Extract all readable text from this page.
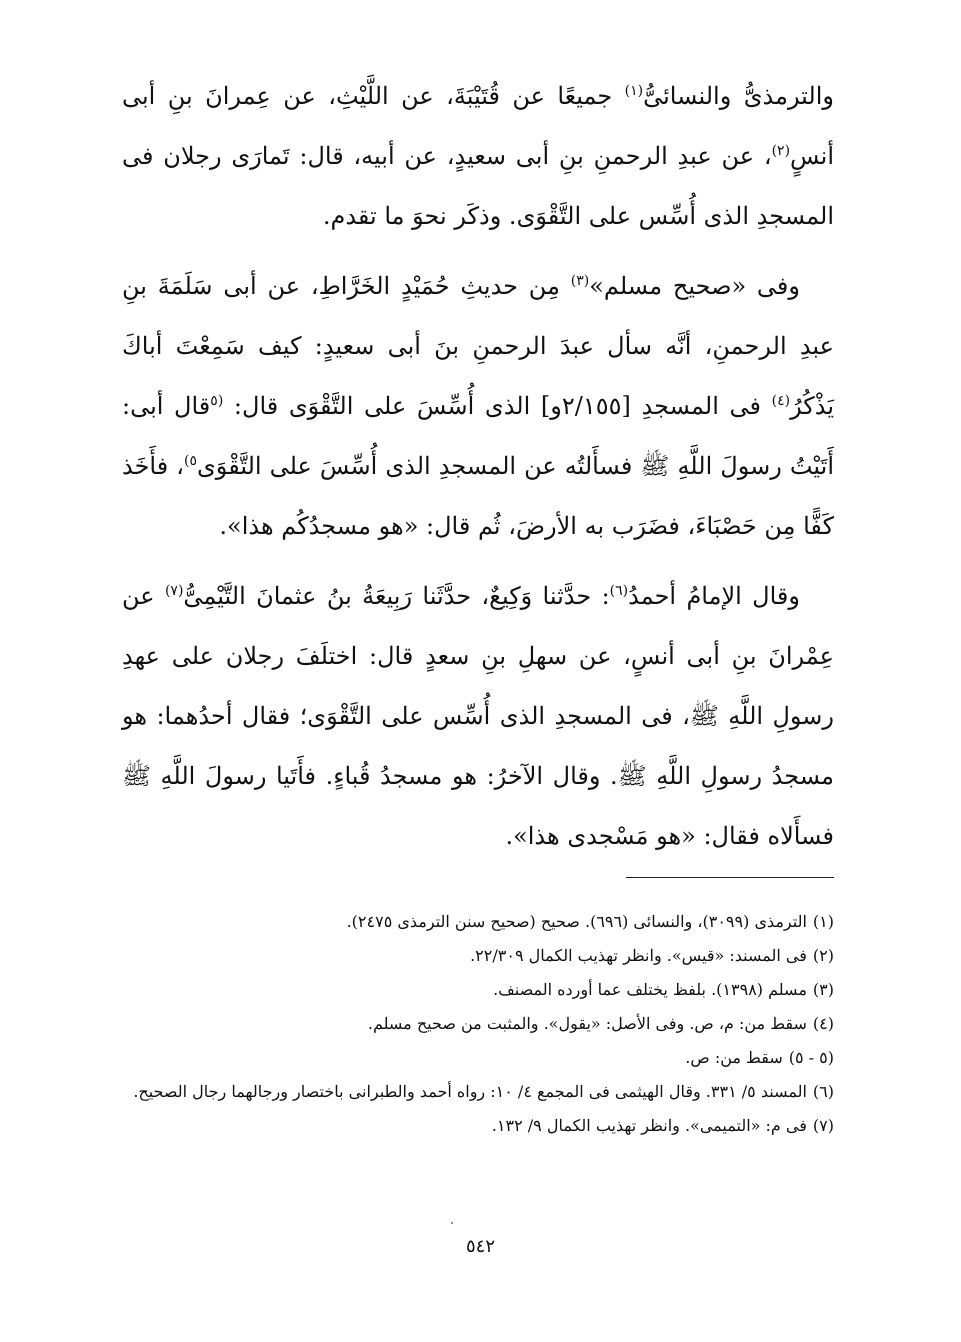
والترمذىُّ والنسائىُّ$^{(١)}$ جميعًا عن قُتَيْبَةَ، عن اللَّيْثِ، عن عِمرانَ بنِ أبى أنسٍ$^{(٢)}$، عن عبدِ الرحمنِ بنِ أبى سعيدٍ، عن أبيه، قال: تَمارَى رجلان فى المسجدِ الذى أُسِّس على التَّقْوَى. وذكَر نحوَ ما تقدم.

وفى «صحيح مسلم»$^{(٣)}$ مِن حديثِ حُمَيْدٍ الخَرَّاطِ، عن أبى سَلَمَةَ بنِ عبدِ الرحمنِ، أنَّه سأل عبدَ الرحمنِ بنَ أبى سعيدٍ: كيف سَمِعْتَ أباكَ يَذْكُرُ$^{(٤)}$ فى المسجدِ [٢/١٥٥و] الذى أُسِّسَ على التَّقْوَى قال: $^{(٥}$قال أبى: أَتَيْتُ رسولَ اللَّهِ ﷺ فسأَلتُه عن المسجدِ الذى أُسِّسَ على التَّقْوَى$^{٥)}$، فأَخَذ كَفًّا مِن حَصْبَاءَ، فضَرَب به الأرضَ، ثُم قال: «هو مسجدُكُم هذا».

وقال الإمامُ أحمدُ$^{(٦)}$: حدَّثنا وَكِيعٌ، حدَّثَنا رَبِيعَةُ بنُ عثمانَ التَّيْمِىُّ$^{(٧)}$ عن عِمْرانَ بنِ أبى أنسٍ، عن سهلِ بنِ سعدٍ قال: اختلَفَ رجلان على عهدِ رسولِ اللَّهِ ﷺ، فى المسجدِ الذى أُسِّس على التَّقْوَى؛ فقال أحدُهما: هو مسجدُ رسولِ اللَّهِ ﷺ. وقال الآخرُ: هو مسجدُ قُباءٍ. فأَتَيا رسولَ اللَّهِ ﷺ فسأَلاه فقال: «هو مَسْجدى هذا».

(١)الترمذى (٣٠٩٩)، والنسائى (٦٩٦). صحيح (صحيح سنن الترمذى ٢٤٧٥).

(٢)فى المسند: «قيس». وانظر تهذيب الكمال ٢٢/٣٠٩.

(٣)مسلم (١٣٩٨). بلفظ يختلف عما أورده المصنف.

(٤)سقط من: م، ص. وفى الأصل: «يقول». والمثبت من صحيح مسلم.

(٥ - ٥)سقط من: ص.

(٦)المسند ٥/ ٣٣١. وقال الهيثمى فى المجمع ٤/ ١٠: رواه أحمد والطبرانى باختصار ورجالهما رجال الصحيح.

(٧)فى م: «التميمى». وانظر تهذيب الكمال ٩/ ١٣٢.

٥٤٢
